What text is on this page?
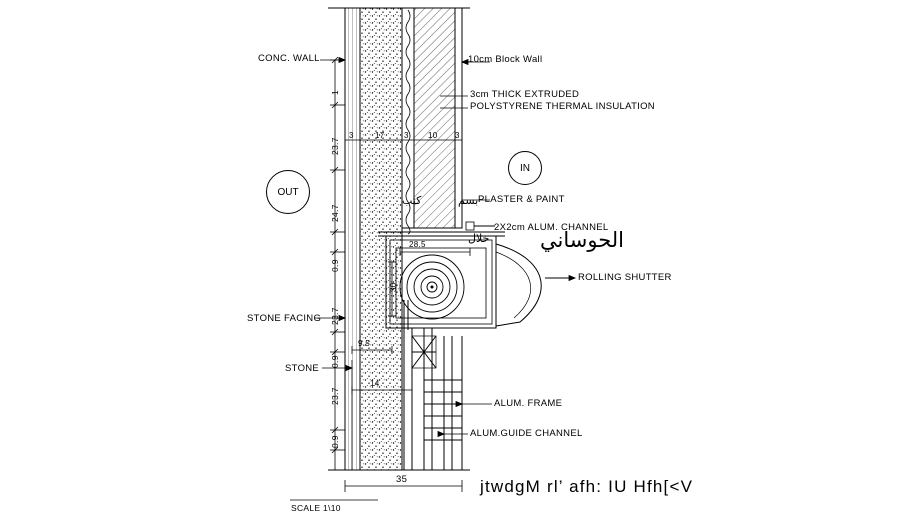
CONC. WALL	10cm Block Wall
3cm THICK EXTRUDED
POLYSTYRENE THERMAL INSULATION
PLASTER & PAINT
2X2cm ALUM. CHANNEL
ROLLING SHUTTER
STONE FACING
STONE
ALUM. FRAME
ALUM.GUIDE CHANNEL
OUT
IN
الحوساني
كتب	بسم
خلال
1
23.7
24.7
0.9
23.7
0.9
23.7
0.9
3	17 3 10 3
28.5
30
9.5
14
35
SCALE 1\10
jtwdgM rl’ afh: IU Hfh[<V
